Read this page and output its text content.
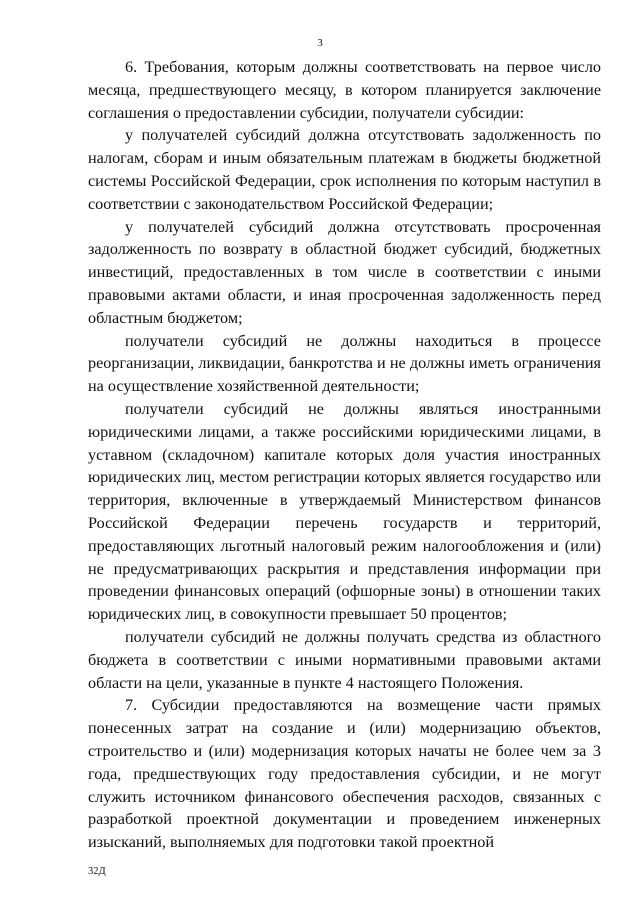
3

6. Требования, которым должны соответствовать на первое число месяца, предшествующего месяцу, в котором планируется заключение соглашения о предоставлении субсидии, получатели субсидии:

у получателей субсидий должна отсутствовать задолженность по налогам, сборам и иным обязательным платежам в бюджеты бюджетной системы Российской Федерации, срок исполнения по которым наступил в соответствии с законодательством Российской Федерации;

у получателей субсидий должна отсутствовать просроченная задолженность по возврату в областной бюджет субсидий, бюджетных инвестиций, предоставленных в том числе в соответствии с иными правовыми актами области, и иная просроченная задолженность перед областным бюджетом;

получатели субсидий не должны находиться в процессе реорганизации, ликвидации, банкротства и не должны иметь ограничения на осуществление хозяйственной деятельности;

получатели субсидий не должны являться иностранными юридическими лицами, а также российскими юридическими лицами, в уставном (складочном) капитале которых доля участия иностранных юридических лиц, местом регистрации которых является государство или территория, включенные в утверждаемый Министерством финансов Российской Федерации перечень государств и территорий, предоставляющих льготный налоговый режим налогообложения и (или) не предусматривающих раскрытия и представления информации при проведении финансовых операций (офшорные зоны) в отношении таких юридических лиц, в совокупности превышает 50 процентов;

получатели субсидий не должны получать средства из областного бюджета в соответствии с иными нормативными правовыми актами области на цели, указанные в пункте 4 настоящего Положения.

7. Субсидии предоставляются на возмещение части прямых понесенных затрат на создание и (или) модернизацию объектов, строительство и (или) модернизация которых начаты не более чем за 3 года, предшествующих году предоставления субсидии, и не могут служить источником финансового обеспечения расходов, связанных с разработкой проектной документации и проведением инженерных изысканий, выполняемых для подготовки такой проектной

32Д
